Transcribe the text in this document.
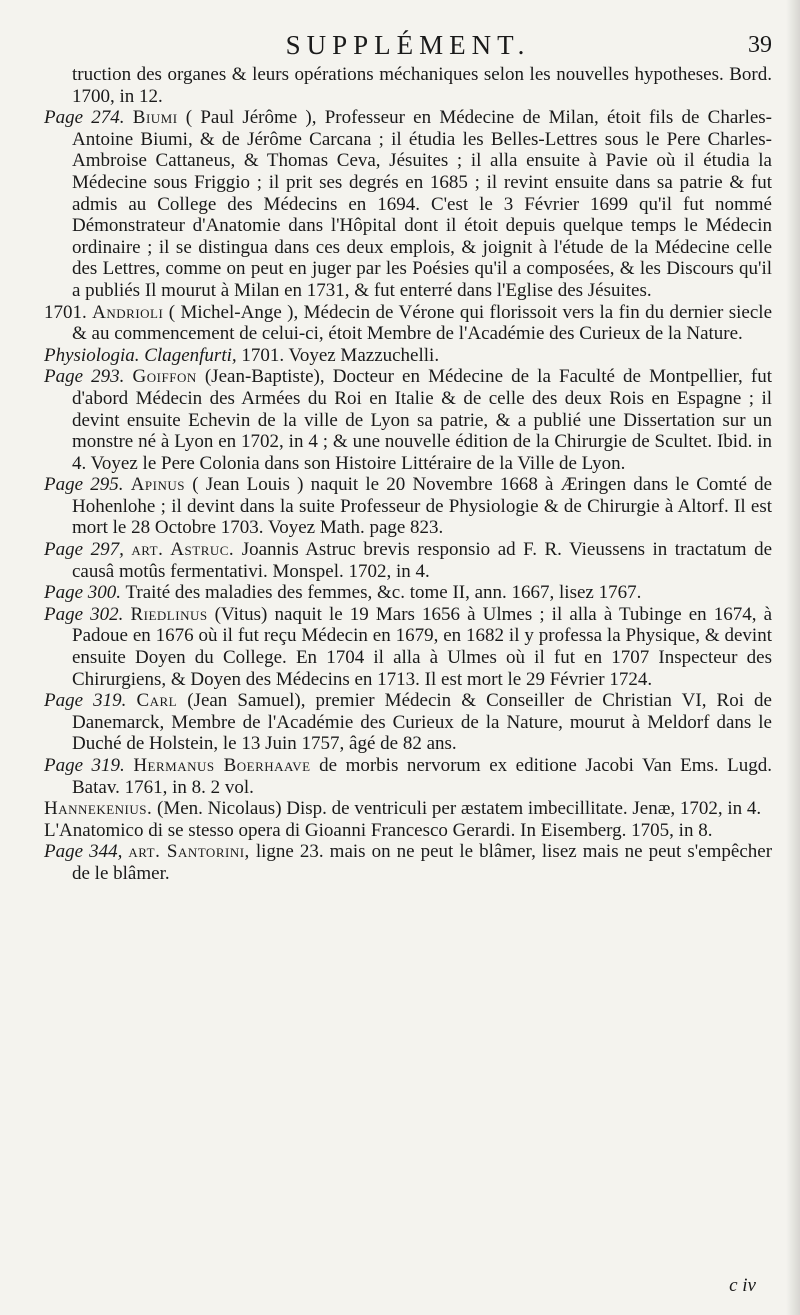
SUPPLÉMENT.	39

truction des organes & leurs opérations méchaniques selon les nouvelles hypotheses. Bord. 1700, in 12.

Page 274. Biumi ( Paul Jérôme ), Professeur en Médecine de Milan, étoit fils de Charles-Antoine Biumi, & de Jérôme Carcana ; il étudia les Belles-Lettres sous le Pere Charles-Ambroise Cattaneus, & Thomas Ceva, Jésuites ; il alla ensuite à Pavie où il étudia la Médecine sous Friggio ; il prit ses degrés en 1685 ; il revint ensuite dans sa patrie & fut admis au College des Médecins en 1694. C'est le 3 Février 1699 qu'il fut nommé Démonstrateur d'Anatomie dans l'Hôpital dont il étoit depuis quelque temps le Médecin ordinaire ; il se distingua dans ces deux emplois, & joignit à l'étude de la Médecine celle des Lettres, comme on peut en juger par les Poésies qu'il a composées, & les Discours qu'il a publiés Il mourut à Milan en 1731, & fut enterré dans l'Eglise des Jésuites.

1701. Andrioli ( Michel-Ange ), Médecin de Vérone qui florissoit vers la fin du dernier siecle & au commencement de celui-ci, étoit Membre de l'Académie des Curieux de la Nature.

Physiologia. Clagenfurti, 1701. Voyez Mazzuchelli.

Page 293. Goiffon (Jean-Baptiste), Docteur en Médecine de la Faculté de Montpellier, fut d'abord Médecin des Armées du Roi en Italie & de celle des deux Rois en Espagne ; il devint ensuite Echevin de la ville de Lyon sa patrie, & a publié une Dissertation sur un monstre né à Lyon en 1702, in 4 ; & une nouvelle édition de la Chirurgie de Scultet. Ibid. in 4. Voyez le Pere Colonia dans son Histoire Littéraire de la Ville de Lyon.

Page 295. Apinus ( Jean Louis ) naquit le 20 Novembre 1668 à Æringen dans le Comté de Hohenlohe ; il devint dans la suite Professeur de Physiologie & de Chirurgie à Altorf. Il est mort le 28 Octobre 1703. Voyez Math. page 823.

Page 297, art. Astruc. Joannis Astruc brevis responsio ad F. R. Vieussens in tractatum de causâ motûs fermentativi. Monspel. 1702, in 4.

Page 300. Traité des maladies des femmes, &c. tome II, ann. 1667, lisez 1767.

Page 302. Riedlinus (Vitus) naquit le 19 Mars 1656 à Ulmes ; il alla à Tubinge en 1674, à Padoue en 1676 où il fut reçu Médecin en 1679, en 1682 il y professa la Physique, & devint ensuite Doyen du College. En 1704 il alla à Ulmes où il fut en 1707 Inspecteur des Chirurgiens, & Doyen des Médecins en 1713. Il est mort le 29 Février 1724.

Page 319. Carl (Jean Samuel), premier Médecin & Conseiller de Christian VI, Roi de Danemarck, Membre de l'Académie des Curieux de la Nature, mourut à Meldorf dans le Duché de Holstein, le 13 Juin 1757, âgé de 82 ans.

Page 319. Hermanus Boerhaave de morbis nervorum ex editione Jacobi Van Ems. Lugd. Batav. 1761, in 8. 2 vol.

Hannekenius. (Men. Nicolaus) Disp. de ventriculi per æstatem imbecillitate. Jenæ, 1702, in 4.

L'Anatomico di se stesso opera di Gioanni Francesco Gerardi. In Eisemberg. 1705, in 8.

Page 344, art. Santorini, ligne 23. mais on ne peut le blâmer, lisez mais ne peut s'empêcher de le blâmer.

c iv
